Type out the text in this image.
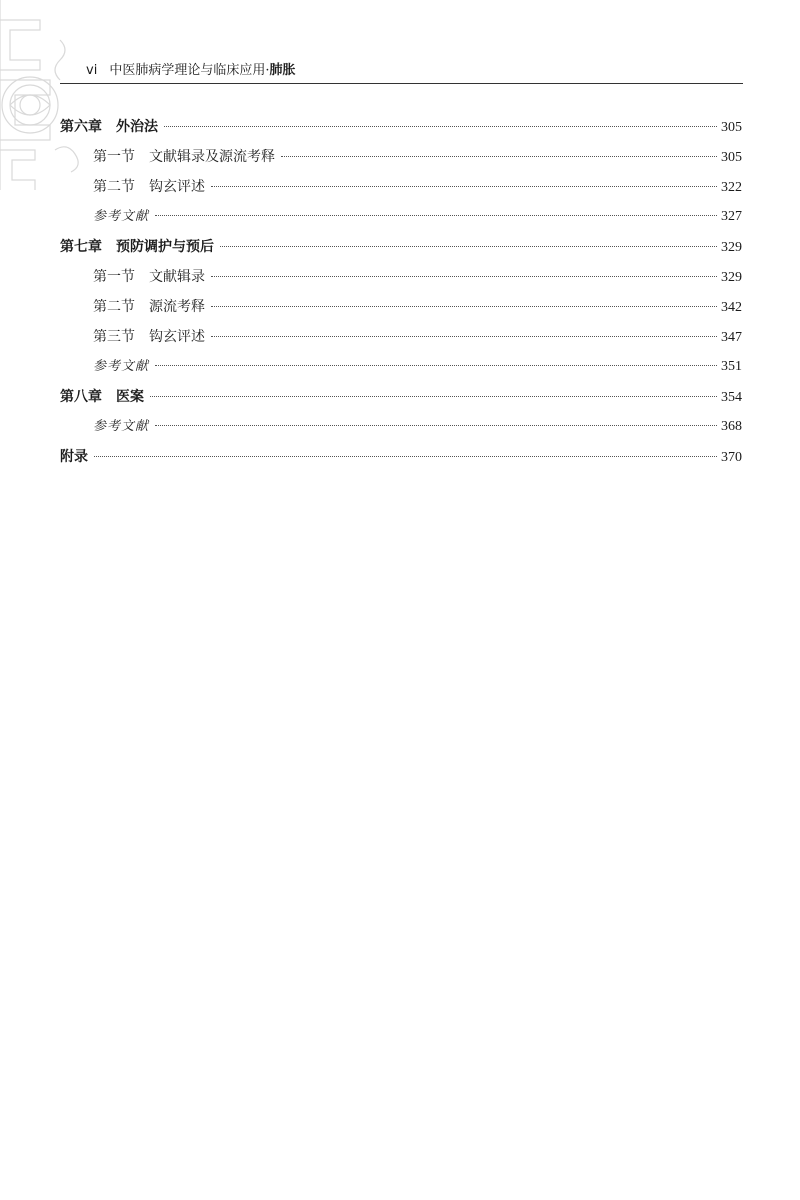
vi 中医肺病学理论与临床应用·肺胀
第六章　外治法	305
第一节　文献辑录及源流考释	305
第二节　钩玄评述	322
参考文献	327
第七章　预防调护与预后	329
第一节　文献辑录	329
第二节　源流考释	342
第三节　钩玄评述	347
参考文献	351
第八章　医案	354
参考文献	368
附录	370
